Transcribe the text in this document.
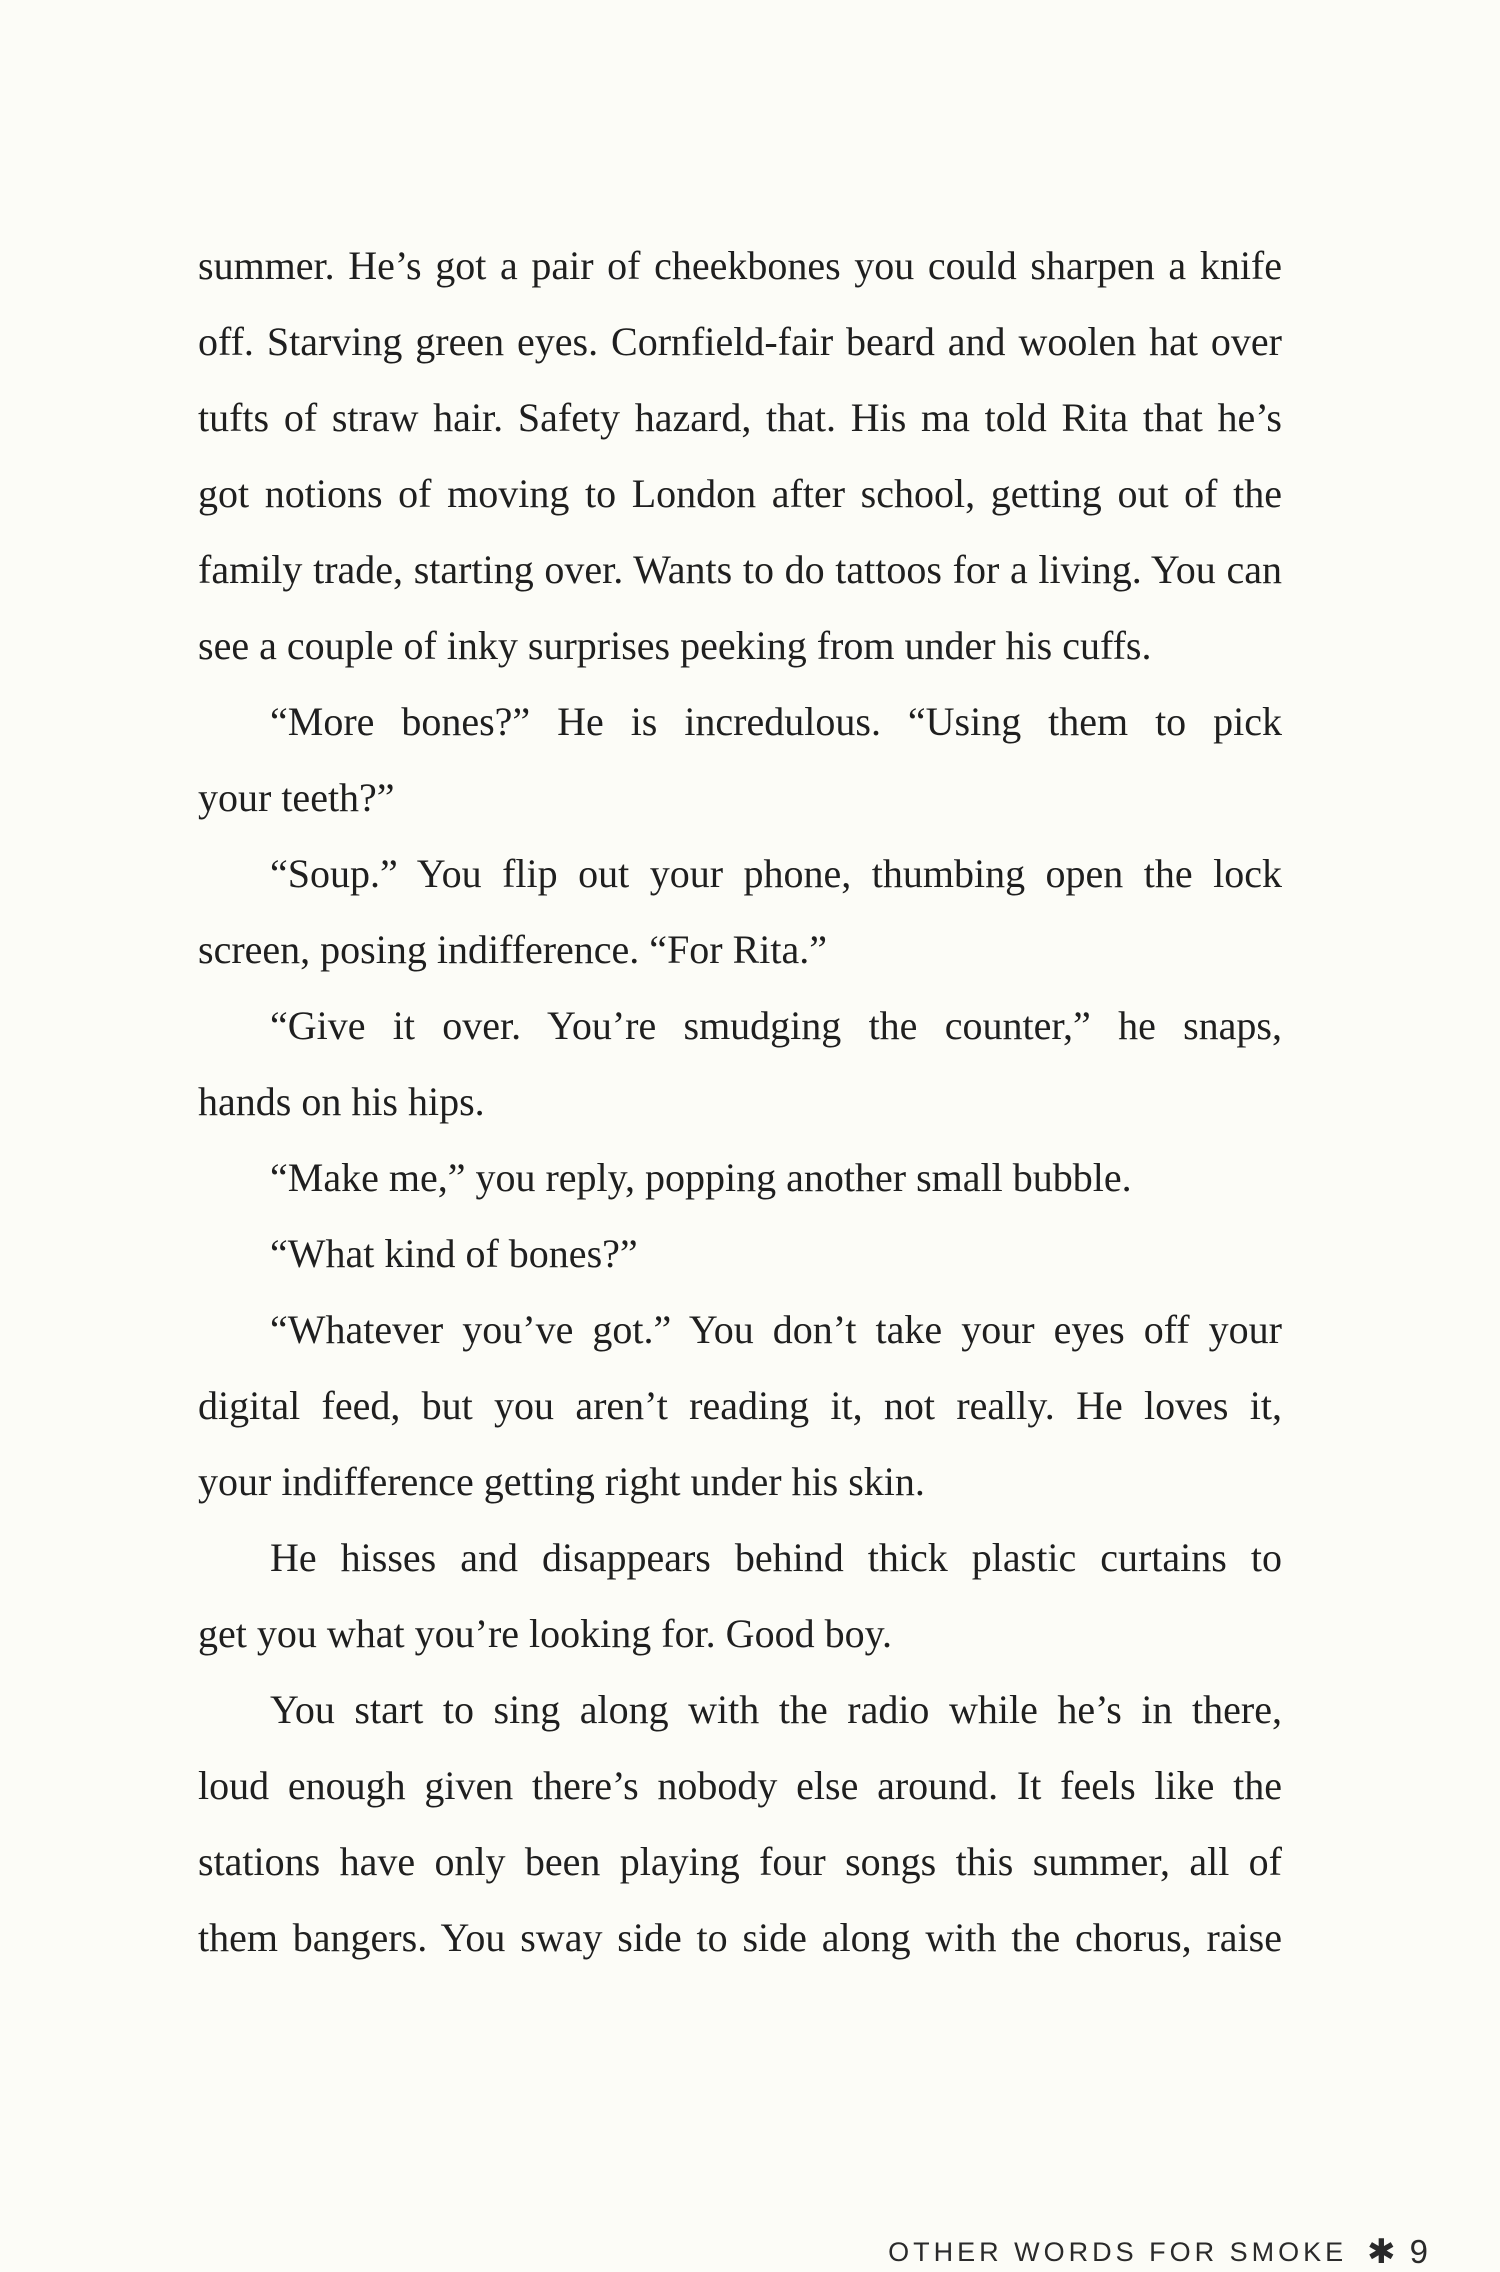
summer. He’s got a pair of cheekbones you could sharpen a knife
off. Starving green eyes. Cornfield-fair beard and woolen hat over
tufts of straw hair. Safety hazard, that. His ma told Rita that he’s
got notions of moving to London after school, getting out of the
family trade, starting over. Wants to do tattoos for a living. You can
see a couple of inky surprises peeking from under his cuffs.
“More bones?” He is incredulous. “Using them to pick
your teeth?”
“Soup.” You flip out your phone, thumbing open the lock
screen, posing indifference. “For Rita.”
“Give it over. You’re smudging the counter,” he snaps,
hands on his hips.
“Make me,” you reply, popping another small bubble.
“What kind of bones?”
“Whatever you’ve got.” You don’t take your eyes off your
digital feed, but you aren’t reading it, not really. He loves it,
your indifference getting right under his skin.
He hisses and disappears behind thick plastic curtains to
get you what you’re looking for. Good boy.
You start to sing along with the radio while he’s in there,
loud enough given there’s nobody else around. It feels like the
stations have only been playing four songs this summer, all of
them bangers. You sway side to side along with the chorus, raise
OTHER WORDS FOR SMOKE ✱ 9
